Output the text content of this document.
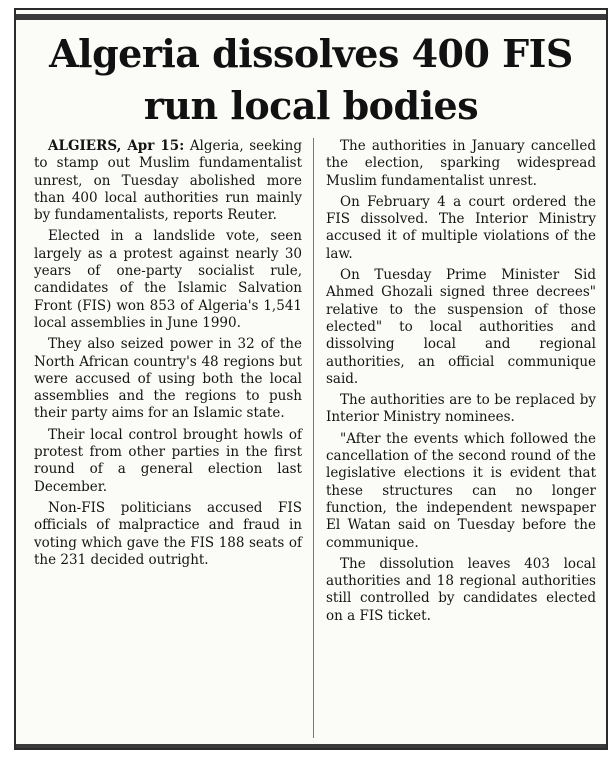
Algeria dissolves 400 FIS
run local bodies

ALGIERS, Apr 15: Algeria, seeking to stamp out Muslim fundamentalist unrest, on Tuesday abolished more than 400 local authorities run mainly by fundamentalists, reports Reuter.

Elected in a landslide vote, seen largely as a protest against nearly 30 years of one-party socialist rule, candidates of the Islamic Salvation Front (FIS) won 853 of Algeria's 1,541 local assemblies in June 1990.

They also seized power in 32 of the North African country's 48 regions but were accused of using both the local assemblies and the regions to push their party aims for an Islamic state.

Their local control brought howls of protest from other parties in the first round of a general election last December.

Non-FIS politicians accused FIS officials of malpractice and fraud in voting which gave the FIS 188 seats of the 231 decided outright.

The authorities in January cancelled the election, sparking widespread Muslim fundamentalist unrest.

On February 4 a court ordered the FIS dissolved. The Interior Ministry accused it of multiple violations of the law.

On Tuesday Prime Minister Sid Ahmed Ghozali signed three decrees" relative to the suspension of those elected" to local authorities and dissolving local and regional authorities, an official communique said.

The authorities are to be replaced by Interior Ministry nominees.

"After the events which followed the cancellation of the second round of the legislative elections it is evident that these structures can no longer function, the independent newspaper El Watan said on Tuesday before the communique.

The dissolution leaves 403 local authorities and 18 regional authorities still controlled by candidates elected on a FIS ticket.
